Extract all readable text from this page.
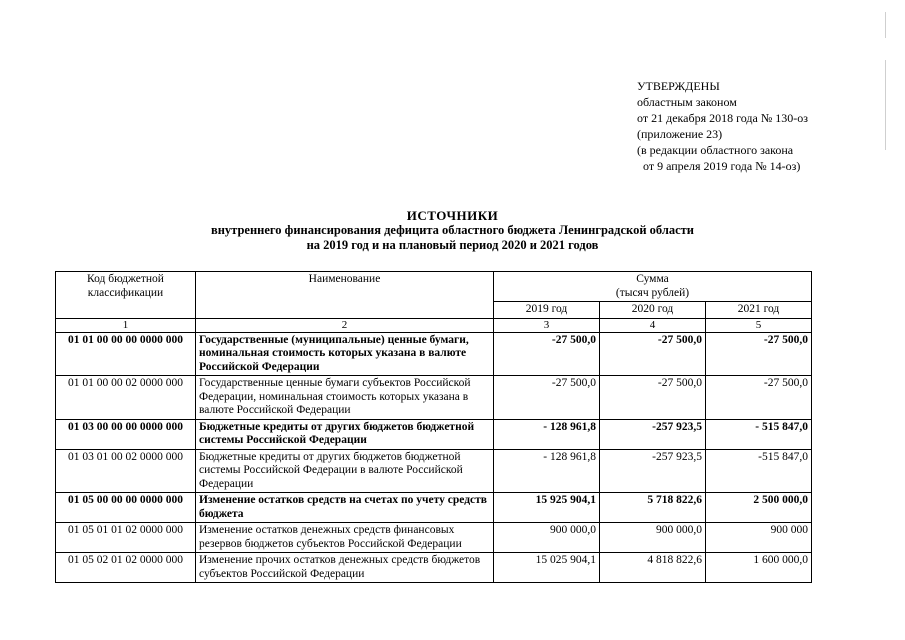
УТВЕРЖДЕНЫ
областным законом
от 21 декабря 2018 года № 130-оз
(приложение 23)
(в редакции областного закона
от 9 апреля 2019 года № 14-оз)
ИСТОЧНИКИ
внутреннего финансирования дефицита областного бюджета Ленинградской области
на 2019 год и на плановый период 2020 и 2021 годов
Код бюджетной классификации	Наименование	Сумма
(тысяч рублей)		

		2019 год	2020 год	2021 год
1	2	3	4	5
01 01 00 00 00 0000 000	Государственные (муниципальные) ценные бумаги, номинальная стоимость которых указана в валюте Российской Федерации	-27 500,0	-27 500,0	-27 500,0
01 01 00 00 02 0000 000	Государственные ценные бумаги субъектов Российской Федерации, номинальная стоимость которых указана в валюте Российской Федерации	-27 500,0	-27 500,0	-27 500,0
01 03 00 00 00 0000 000	Бюджетные кредиты от других бюджетов бюджетной системы Российской Федерации	- 128 961,8	-257 923,5	- 515 847,0
01 03 01 00 02 0000 000	Бюджетные кредиты от других бюджетов бюджетной системы Российской Федерации в валюте Российской Федерации	- 128 961,8	-257 923,5	-515 847,0
01 05 00 00 00 0000 000	Изменение остатков средств на счетах по учету средств бюджета	15 925 904,1	5 718 822,6	2 500 000,0
01 05 01 01 02 0000 000	Изменение остатков денежных средств финансовых резервов бюджетов субъектов Российской Федерации	900 000,0	900 000,0	900 000
01 05 02 01 02 0000 000	Изменение прочих остатков денежных средств бюджетов субъектов Российской Федерации	15 025 904,1	4 818 822,6	1 600 000,0
